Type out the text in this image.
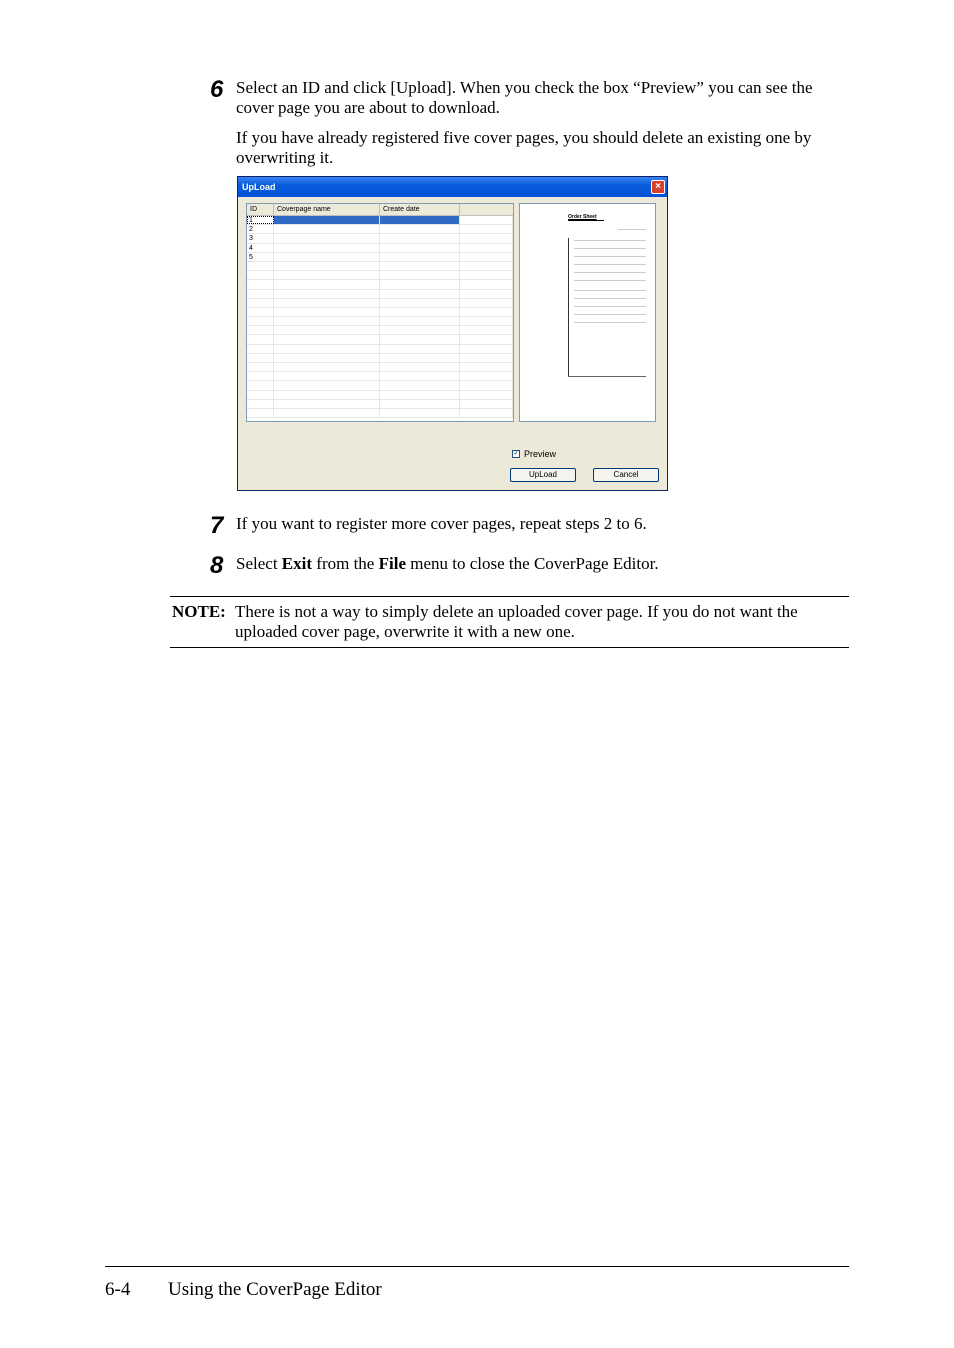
6 Select an ID and click [Upload]. When you check the box “Preview” you can see the cover page you are about to download.
If you have already registered five cover pages, you should delete an existing one by overwriting it.
UpLoad	×
ID	Coverpage name	Create date
1
2
3
4
5
Order Sheet
✓ Preview
UpLoad	Cancel
7 If you want to register more cover pages, repeat steps 2 to 6.
8 Select Exit from the File menu to close the CoverPage Editor.
NOTE: There is not a way to simply delete an uploaded cover page. If you do not want the uploaded cover page, overwrite it with a new one.
6-4 Using the CoverPage Editor
